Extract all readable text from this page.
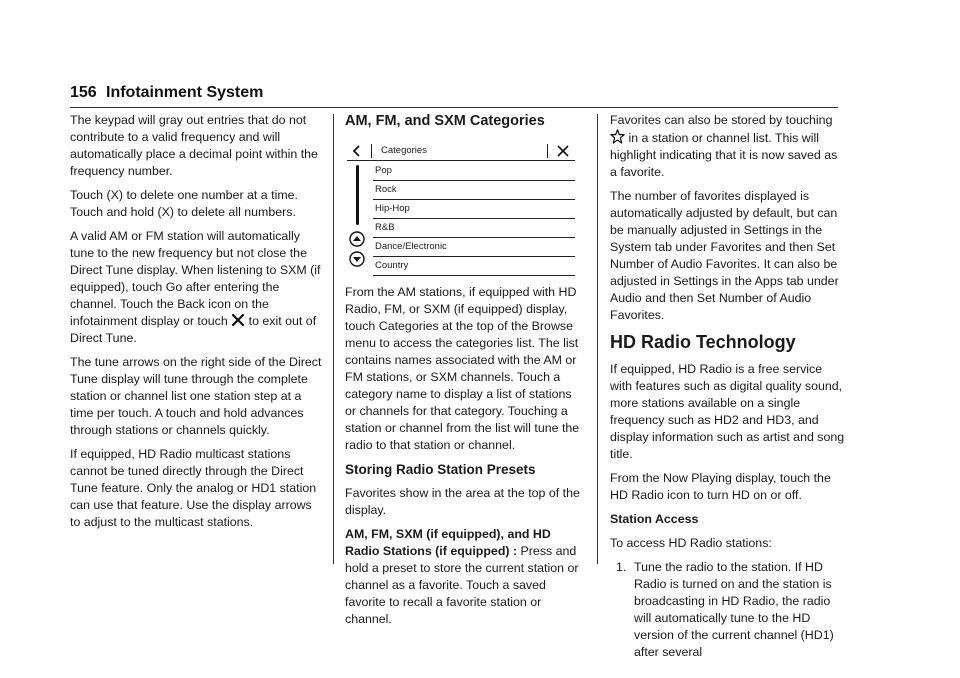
156 Infotainment System

The keypad will gray out entries that do not contribute to a valid frequency and will automatically place a decimal point within the frequency number.

Touch (X) to delete one number at a time. Touch and hold (X) to delete all numbers.

A valid AM or FM station will automatically tune to the new frequency but not close the Direct Tune display. When listening to SXM (if equipped), touch Go after entering the channel. Touch the Back icon on the infotainment display or touch to exit out of Direct Tune.

The tune arrows on the right side of the Direct Tune display will tune through the complete station or channel list one station step at a time per touch. A touch and hold advances through stations or channels quickly.

If equipped, HD Radio multicast stations cannot be tuned directly through the Direct Tune feature. Only the analog or HD1 station can use that feature. Use the display arrows to adjust to the multicast stations.

AM, FM, and SXM Categories
Categories
Pop
Rock
Hip-Hop
R&B
Dance/Electronic
Country

From the AM stations, if equipped with HD Radio, FM, or SXM (if equipped) display, touch Categories at the top of the Browse menu to access the categories list. The list contains names associated with the AM or FM stations, or SXM channels. Touch a category name to display a list of stations or channels for that category. Touching a station or channel from the list will tune the radio to that station or channel.

Storing Radio Station Presets

Favorites show in the area at the top of the display.

AM, FM, SXM (if equipped), and HD Radio Stations (if equipped) : Press and hold a preset to store the current station or channel as a favorite. Touch a saved favorite to recall a favorite station or channel.

Favorites can also be stored by touching  in a station or channel list. This will highlight indicating that it is now saved as a favorite.

The number of favorites displayed is automatically adjusted by default, but can be manually adjusted in Settings in the System tab under Favorites and then Set Number of Audio Favorites. It can also be adjusted in Settings in the Apps tab under Audio and then Set Number of Audio Favorites.

HD Radio Technology

If equipped, HD Radio is a free service with features such as digital quality sound, more stations available on a single frequency such as HD2 and HD3, and display information such as artist and song title.

From the Now Playing display, touch the HD Radio icon to turn HD on or off.

Station Access

To access HD Radio stations:

1. Tune the radio to the station. If HD Radio is turned on and the station is broadcasting in HD Radio, the radio will automatically tune to the HD version of the current channel (HD1) after several
